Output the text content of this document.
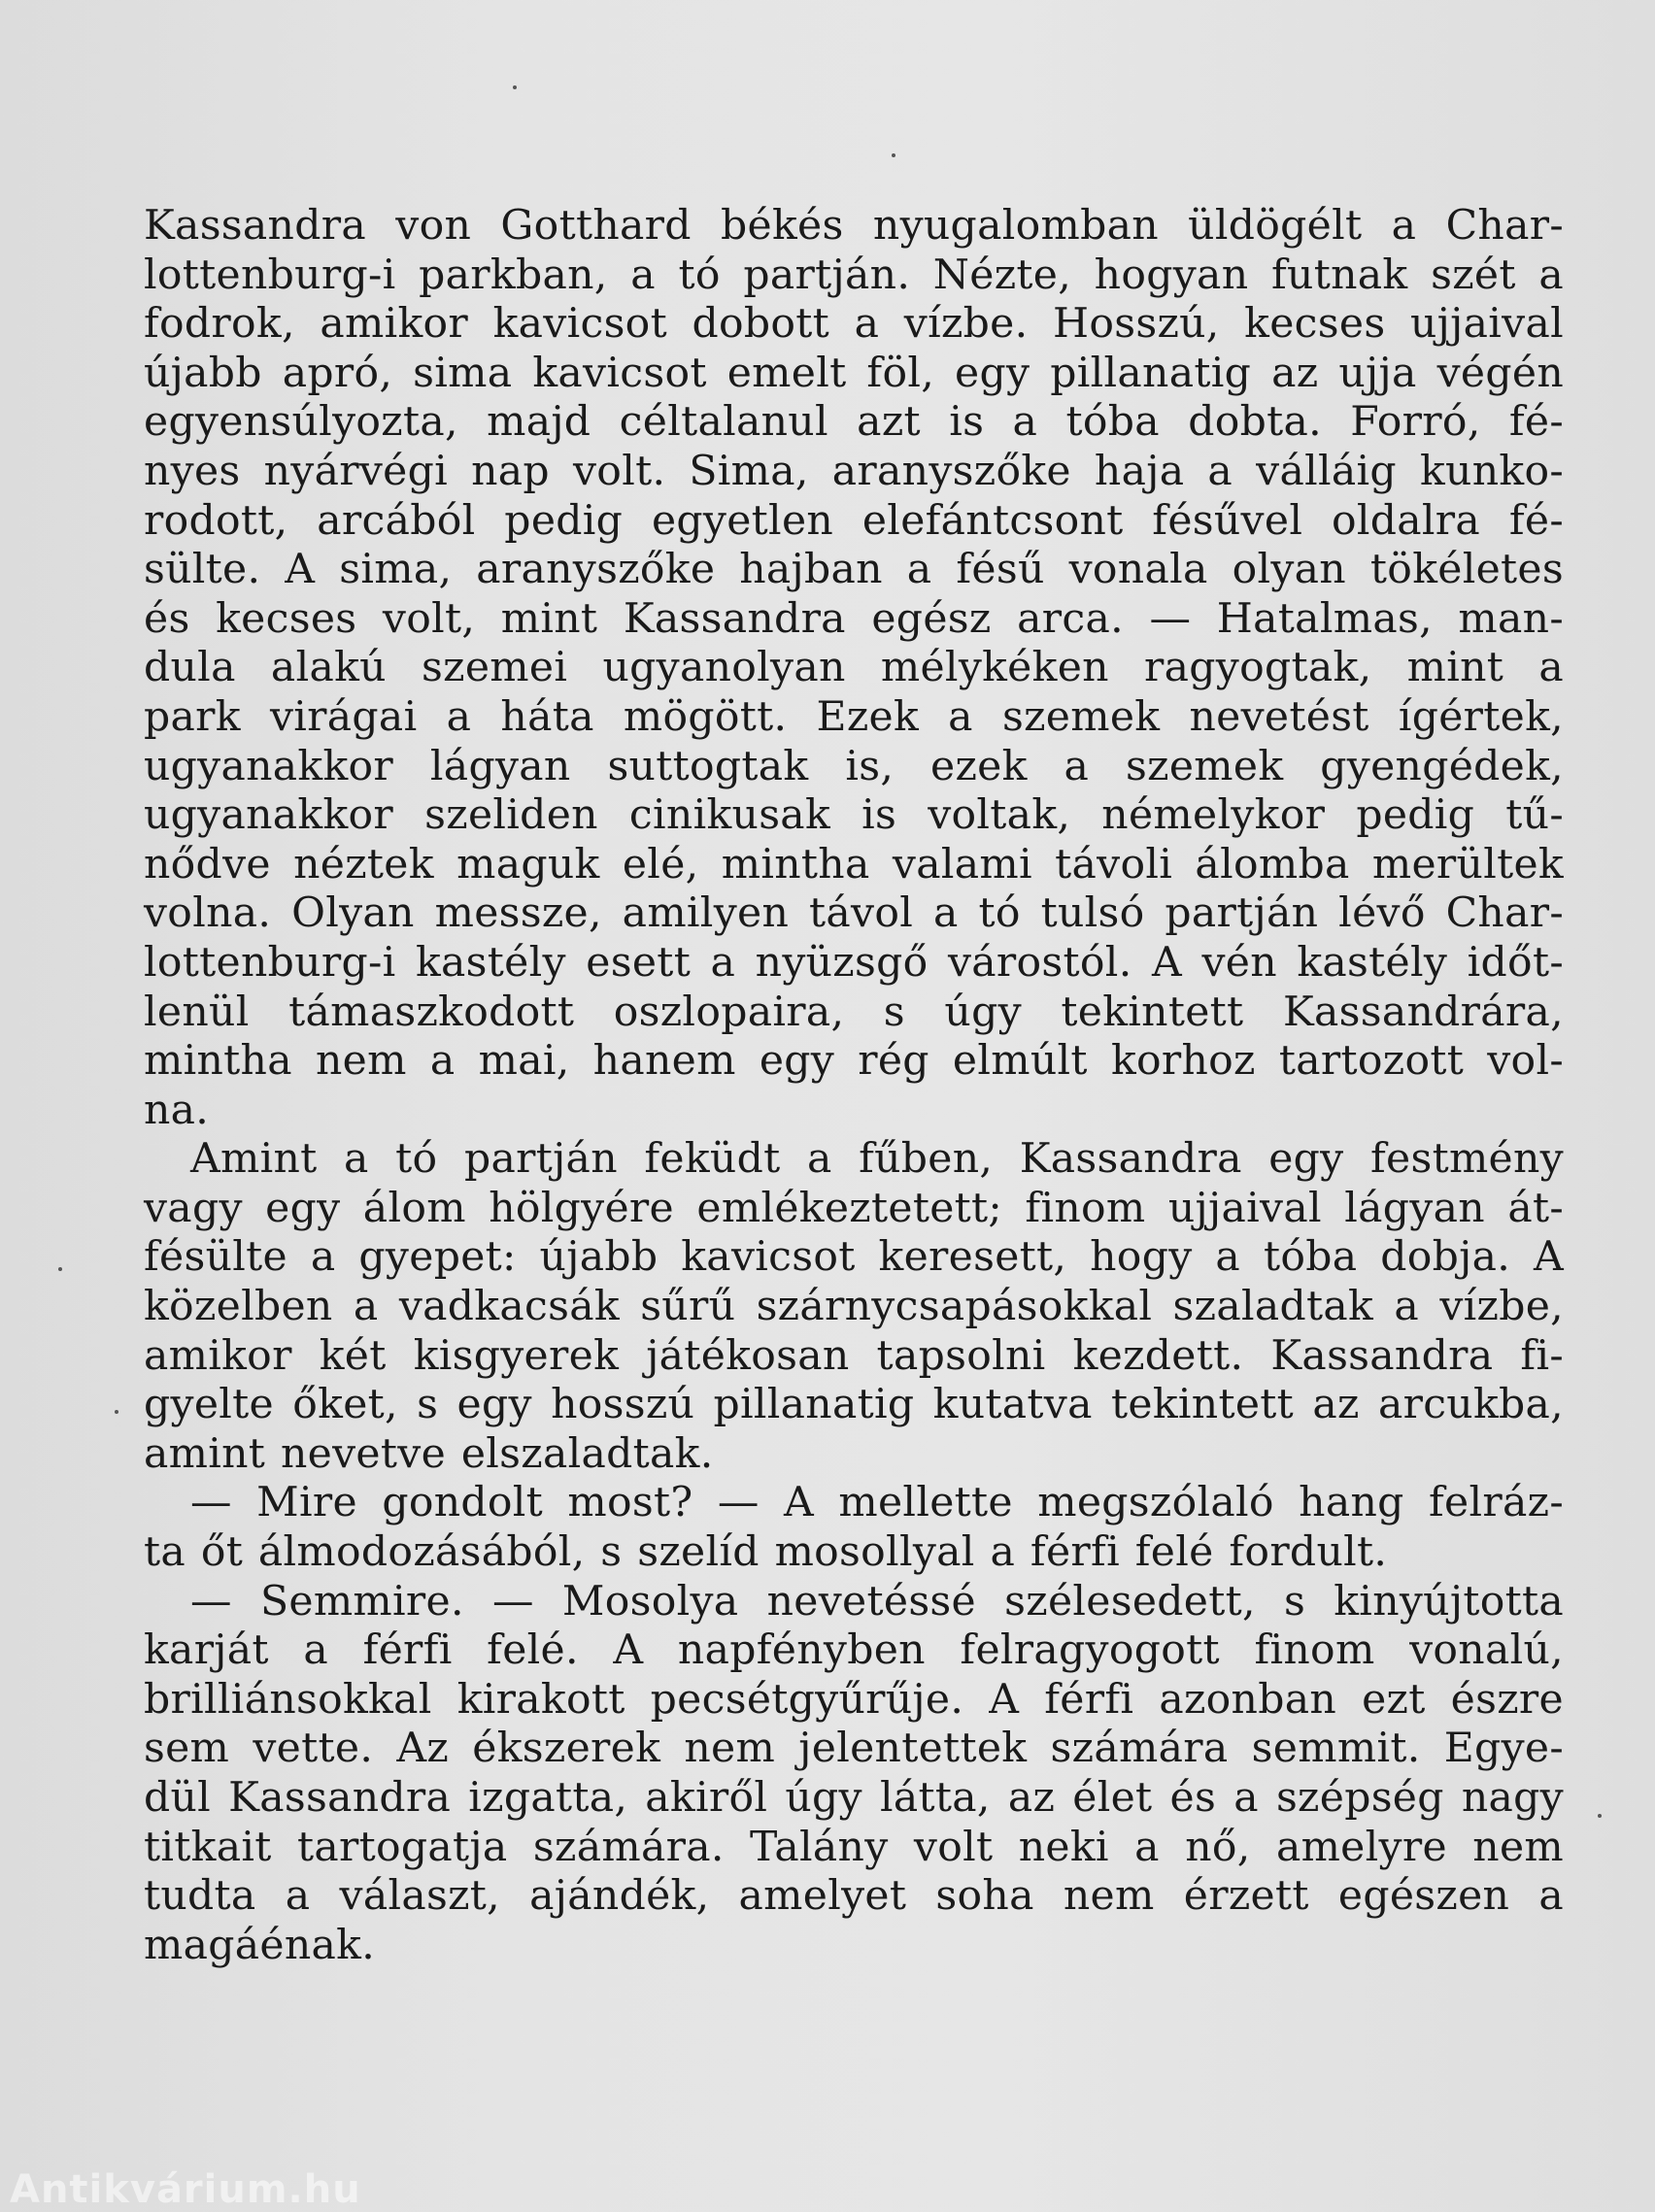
Kassandra von Gotthard békés nyugalomban üldögélt a Char-
lottenburg-i parkban, a tó partján. Nézte, hogyan futnak szét a
fodrok, amikor kavicsot dobott a vízbe. Hosszú, kecses ujjaival
újabb apró, sima kavicsot emelt föl, egy pillanatig az ujja végén
egyensúlyozta, majd céltalanul azt is a tóba dobta. Forró, fé-
nyes nyárvégi nap volt. Sima, aranyszőke haja a válláig kunko-
rodott, arcából pedig egyetlen elefántcsont fésűvel oldalra fé-
sülte. A sima, aranyszőke hajban a fésű vonala olyan tökéletes
és kecses volt, mint Kassandra egész arca. — Hatalmas, man-
dula alakú szemei ugyanolyan mélykéken ragyogtak, mint a
park virágai a háta mögött. Ezek a szemek nevetést ígértek,
ugyanakkor lágyan suttogtak is, ezek a szemek gyengédek,
ugyanakkor szeliden cinikusak is voltak, némelykor pedig tű-
nődve néztek maguk elé, mintha valami távoli álomba merültek
volna. Olyan messze, amilyen távol a tó tulsó partján lévő Char-
lottenburg-i kastély esett a nyüzsgő várostól. A vén kastély időt-
lenül támaszkodott oszlopaira, s úgy tekintett Kassandrára,
mintha nem a mai, hanem egy rég elmúlt korhoz tartozott vol-
na.
Amint a tó partján feküdt a fűben, Kassandra egy festmény
vagy egy álom hölgyére emlékeztetett; finom ujjaival lágyan át-
fésülte a gyepet: újabb kavicsot keresett, hogy a tóba dobja. A
közelben a vadkacsák sűrű szárnycsapásokkal szaladtak a vízbe,
amikor két kisgyerek játékosan tapsolni kezdett. Kassandra fi-
gyelte őket, s egy hosszú pillanatig kutatva tekintett az arcukba,
amint nevetve elszaladtak.
— Mire gondolt most? — A mellette megszólaló hang felráz-
ta őt álmodozásából, s szelíd mosollyal a férfi felé fordult.
— Semmire. — Mosolya nevetéssé szélesedett, s kinyújtotta
karját a férfi felé. A napfényben felragyogott finom vonalú,
brilliánsokkal kirakott pecsétgyűrűje. A férfi azonban ezt észre
sem vette. Az ékszerek nem jelentettek számára semmit. Egye-
dül Kassandra izgatta, akiről úgy látta, az élet és a szépség nagy
titkait tartogatja számára. Talány volt neki a nő, amelyre nem
tudta a választ, ajándék, amelyet soha nem érzett egészen a
magáénak.
Antikvárium.hu
